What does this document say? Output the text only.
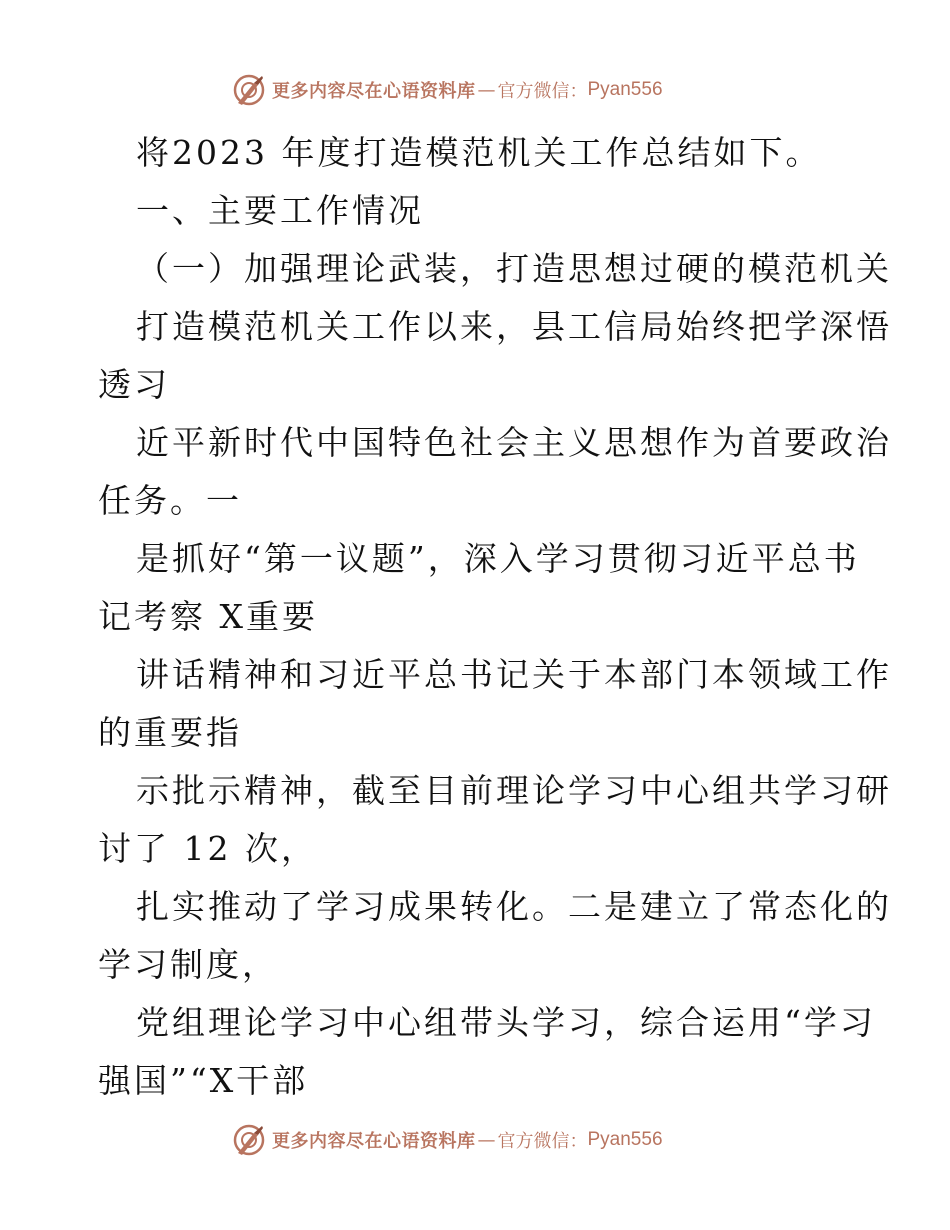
更多内容尽在心语资料库 — 官方微信： Pyan556
将2023 年度打造模范机关工作总结如下。
一、主要工作情况
（一）加强理论武装，打造思想过硬的模范机关
打造模范机关工作以来，县工信局始终把学深悟
透习
近平新时代中国特色社会主义思想作为首要政治
任务。一
是抓好“第一议题”，深入学习贯彻习近平总书
记考察 X重要
讲话精神和习近平总书记关于本部门本领域工作
的重要指
示批示精神，截至目前理论学习中心组共学习研
讨了 12 次，
扎实推动了学习成果转化。二是建立了常态化的
学习制度，
党组理论学习中心组带头学习，综合运用“学习
强国”“X干部
更多内容尽在心语资料库 — 官方微信： Pyan556
